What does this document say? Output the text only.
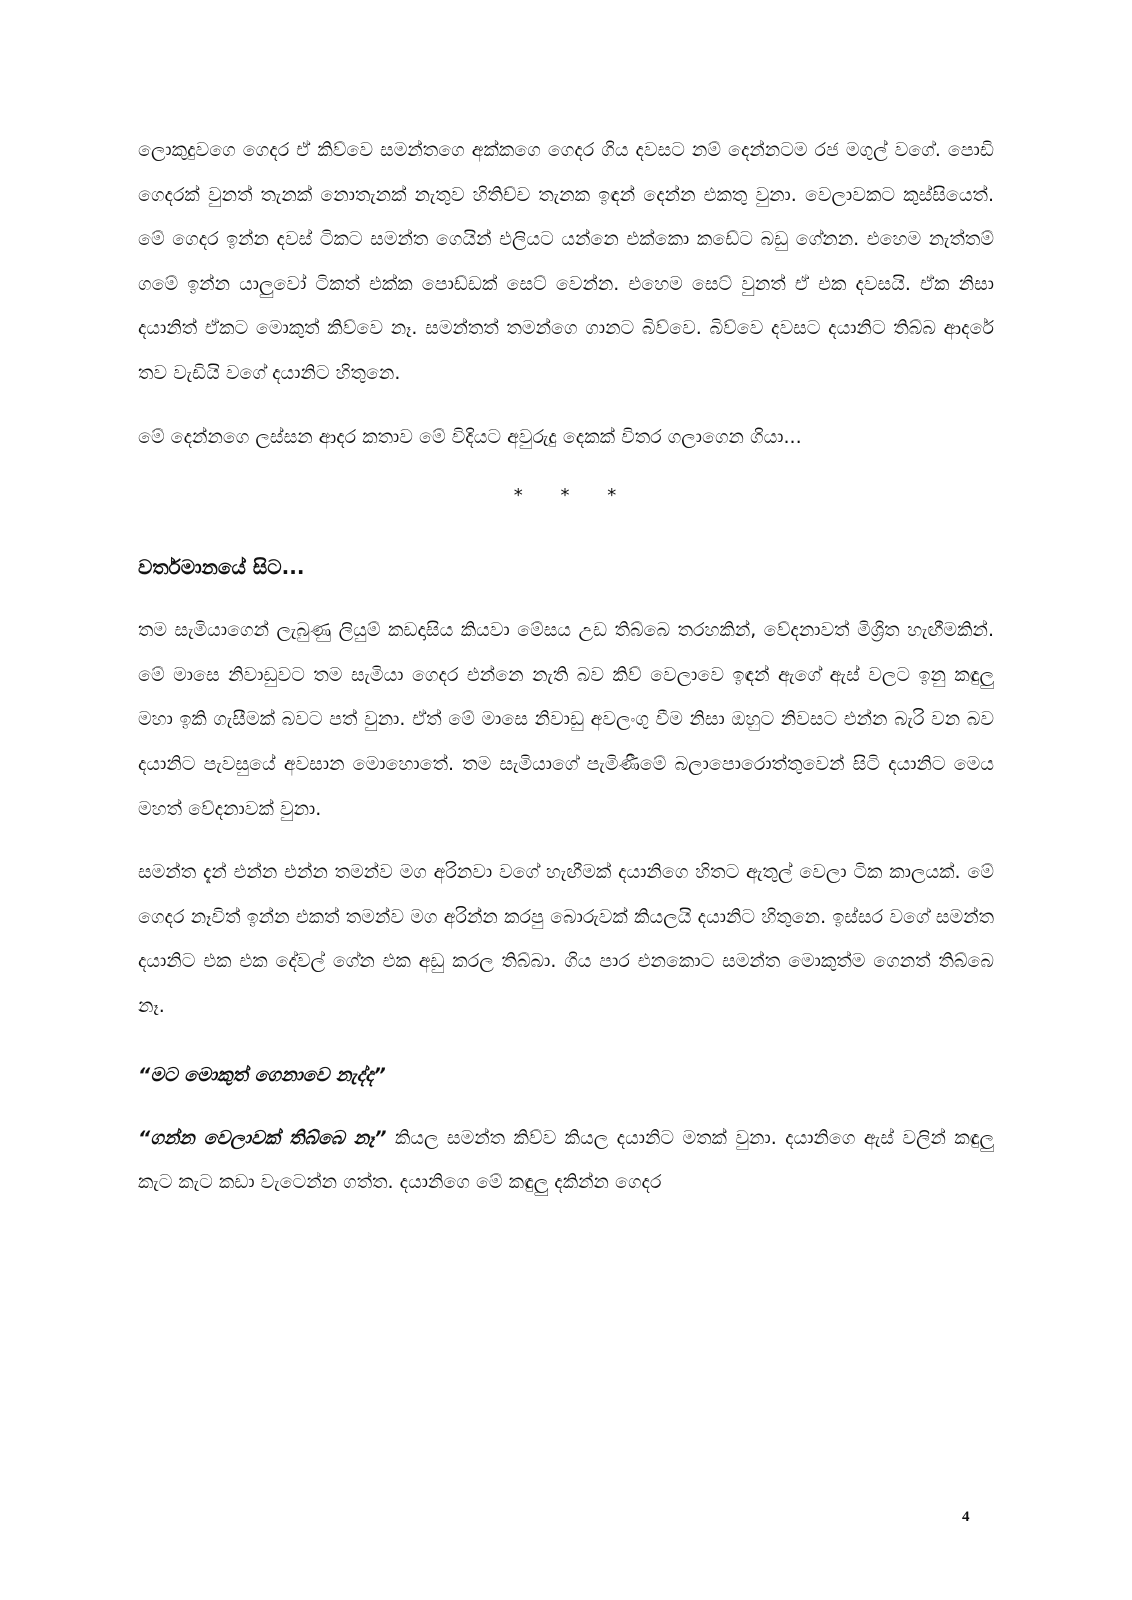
ලොකුදුවගෙ ගෙදර ඒ කිව්වෙ සමන්තගෙ අක්කගෙ ගෙදර ගිය දවසට නම් දෙන්නටම රජ මගුල් වගේ. පොඩි ගෙදරක් වුනත් තැනක් නොතැනක් නැතුව හිතිච්ච තැනක ඉඳන් දෙන්න එකතු වුනා. වෙලාවකට කුස්සියෙත්. මේ ගෙදර ඉන්න දවස් ටිකට සමන්ත ගෙයින් එලියට යන්නෙ එක්කො කඩේට බඩු ගේනන. එහෙම නැත්තම් ගමේ ඉන්න යාලුවෝ ටිකත් එක්ක පොඩ්ඩක් සෙට් වෙන්න. එහෙම සෙට් වුනත් ඒ එක දවසයි. ඒක නිසා දයානිත් ඒකට මොකුත් කිව්වෙ නෑ. සමන්තත් තමන්ගෙ ගානට බිව්වෙ. බිව්වෙ දවසට දයානිට තිබ්බ ආදරේ තව වැඩියි වගේ දයානිට හිතුනෙ.

මේ දෙන්නගෙ ලස්සන ආදර කතාව මේ විදියට අවුරුදු දෙකක් විතර ගලාගෙන ගියා...

* * *

වර්තමානයේ සිට...

තම සැමියාගෙන් ලැබුණු ලියුම් කඩදාසිය කියවා මේසය උඩ තිබ්බෙ තරහකින්, වේදනාවත් මිශ්‍රිත හැඟීමකින්. මේ මාසෙ නිවාඩුවට තම සැමියා ගෙදර එන්නෙ නැති බව කිව් වෙලාවෙ ඉඳන් ඇගේ ඇස් වලට ඉනු කඳුලු මහා ඉකි ගැසීමක් බවට පත් වුනා. ඒත් මේ මාසෙ නිවාඩු අවලංගු වීම නිසා ඔහුට නිවසට එන්න බැරි වන බව දයානිට පැවසුයේ අවසාන මොහොතේ. තම සැමියාගේ පැමිණීමේ බලාපොරොත්තුවෙන් සිටි දයානිට මෙය මහත් වේදනාවක් වුනා.

සමන්ත දැන් එන්න එන්න තමන්ව මග අරිනවා වගේ හැඟීමක් දයානිගෙ හිතට ඇතුල් වෙලා ටික කාලයක්. මේ ගෙදර නෑවිත් ඉන්න එකත් තමන්ව මග අරින්න කරපු බොරුවක් කියලයි දයානිට හිතුනෙ. ඉස්සර වගේ සමන්ත දයානිට එක එක දේවල් ගේන එක අඩු කරල තිබ්බා. ගිය පාර එනකොට සමන්ත මොකුත්ම ගෙනත් තිබ්බෙ නෑ.

“මට මොකුත් ගෙනාවෙ නැද්ද”

“ගන්න වෙලාවක් තිබ්බෙ නෑ” කියල සමන්ත කිව්ව කියල දයානිට මතක් වුනා. දයානිගෙ ඇස් වලින් කඳුලු කැට කැට කඩා වැටෙන්න ගත්ත. දයානිගෙ මේ කඳුලු දකින්න ගෙදර

4
